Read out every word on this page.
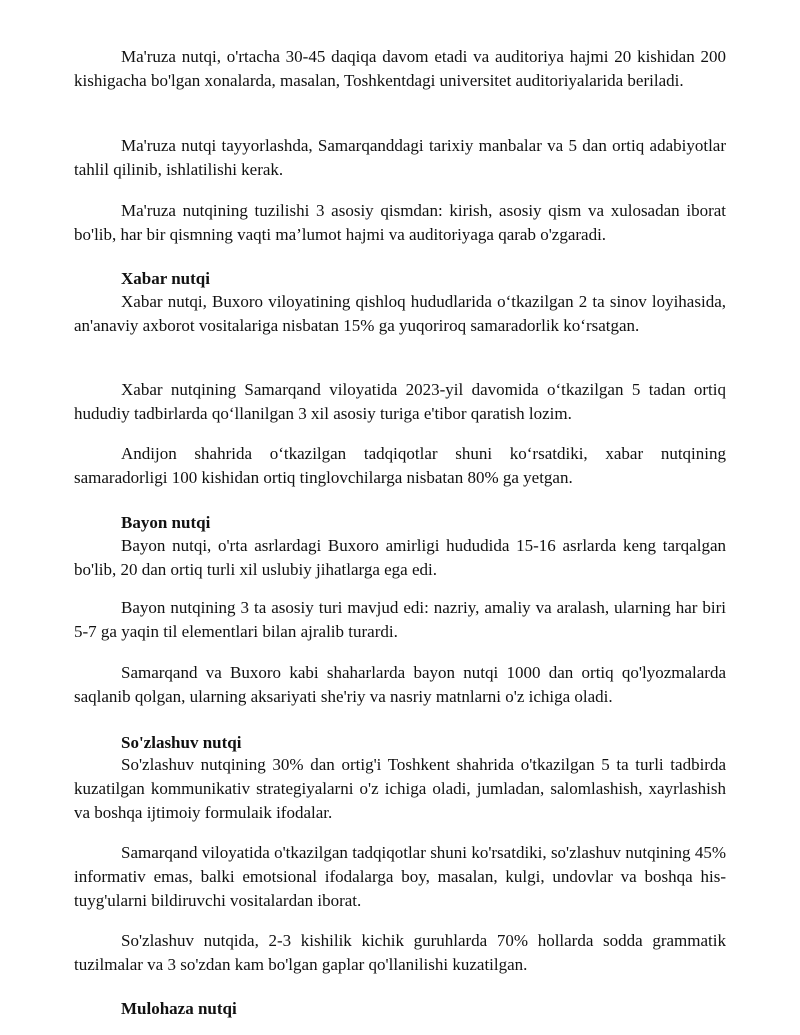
Ma'ruza nutqi, o'rtacha 30-45 daqiqa davom etadi va auditoriya hajmi 20 kishidan 200 kishigacha bo'lgan xonalarda, masalan, Toshkentdagi universitet auditoriyalarida beriladi.

Ma'ruza nutqi tayyorlashda, Samarqanddagi tarixiy manbalar va 5 dan ortiq adabiyotlar tahlil qilinib, ishlatilishi kerak.

Ma'ruza nutqining tuzilishi 3 asosiy qismdan: kirish, asosiy qism va xulosadan iborat bo'lib, har bir qismning vaqti ma’lumot hajmi va auditoriyaga qarab o'zgaradi.

Xabar nutqi

Xabar nutqi, Buxoro viloyatining qishloq hududlarida oʻtkazilgan 2 ta sinov loyihasida, an'anaviy axborot vositalariga nisbatan 15% ga yuqoriroq samaradorlik koʻrsatgan.

Xabar nutqining Samarqand viloyatida 2023-yil davomida oʻtkazilgan 5 tadan ortiq hududiy tadbirlarda qoʻllanilgan 3 xil asosiy turiga e'tibor qaratish lozim.

Andijon shahrida oʻtkazilgan tadqiqotlar shuni koʻrsatdiki, xabar nutqining samaradorligi 100 kishidan ortiq tinglovchilarga nisbatan 80% ga yetgan.

Bayon nutqi

Bayon nutqi, o'rta asrlardagi Buxoro amirligi hududida 15-16 asrlarda keng tarqalgan bo'lib, 20 dan ortiq turli xil uslubiy jihatlarga ega edi.

Bayon nutqining 3 ta asosiy turi mavjud edi: nazriy, amaliy va aralash, ularning har biri 5-7 ga yaqin til elementlari bilan ajralib turardi.

Samarqand va Buxoro kabi shaharlarda bayon nutqi 1000 dan ortiq qo'lyozmalarda saqlanib qolgan, ularning aksariyati she'riy va nasriy matnlarni o'z ichiga oladi.

So'zlashuv nutqi

So'zlashuv nutqining 30% dan ortig'i Toshkent shahrida o'tkazilgan 5 ta turli tadbirda kuzatilgan kommunikativ strategiyalarni o'z ichiga oladi, jumladan, salomlashish, xayrlashish va boshqa ijtimoiy formulaik ifodalar.

Samarqand viloyatida o'tkazilgan tadqiqotlar shuni ko'rsatdiki, so'zlashuv nutqining 45% informativ emas, balki emotsional ifodalarga boy, masalan, kulgi, undovlar va boshqa his-tuyg'ularni bildiruvchi vositalardan iborat.

So'zlashuv nutqida, 2-3 kishilik kichik guruhlarda 70% hollarda sodda grammatik tuzilmalar va 3 so'zdan kam bo'lgan gaplar qo'llanilishi kuzatilgan.

Mulohaza nutqi
